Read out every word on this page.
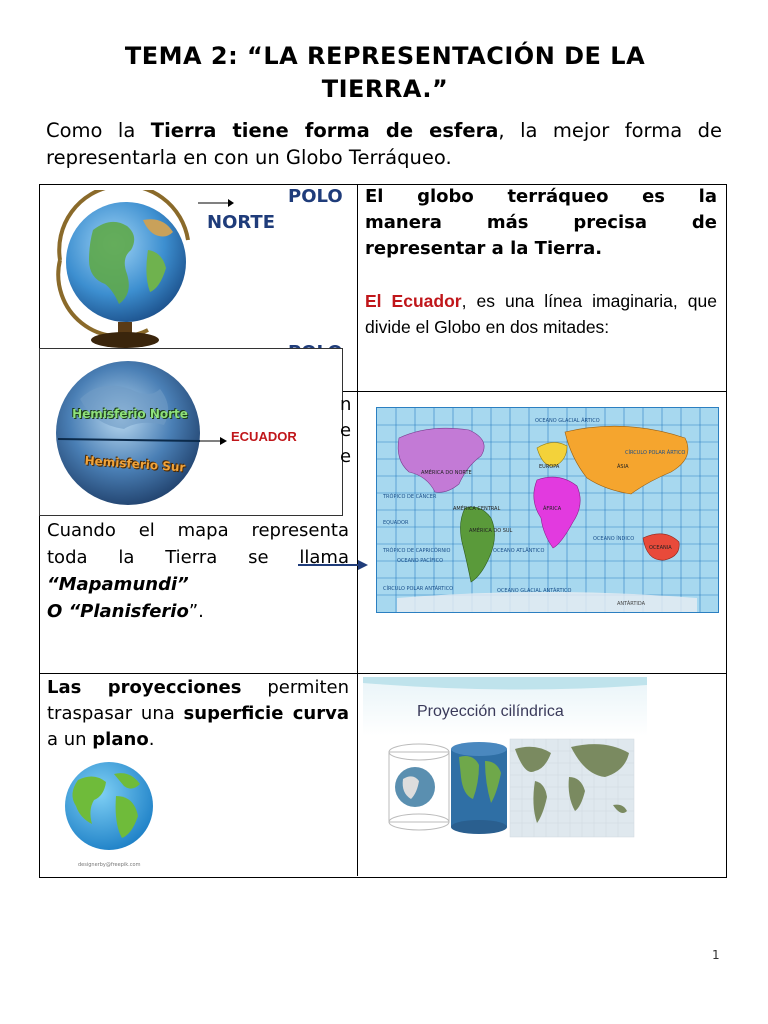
TEMA 2: “LA REPRESENTACIÓN DE LA
TIERRA.”
Como la Tierra tiene forma de esfera, la mejor forma de representarla en con un Globo Terráqueo.
POLO
NORTE
El globo terráqueo es la
manera más precisa de
representar a la Tierra.
El Ecuador, es una línea imaginaria, que divide el Globo en dos mitades:
Hemisferio Norte
Hemisferio Sur
ECUADOR
n
e
e
Cuando el mapa representa
toda la Tierra se llama
“Mapamundi”
O “Planisferio”.
AMÉRICA DO NORTE
EUROPA	ÁSIA
ÁFRICA
AMÉRICA CENTRAL
AMÉRICA DO SUL
OCEANIA
OCEANO GLACIAL ÁRTICO
OCEANO ATLÂNTICO
OCEANO PACÍFICO
OCEANO ÍNDICO
OCEANO GLACIAL ANTÁRTICO
ANTÁRTIDA
CÍRCULO POLAR ÁRTICO
TRÓPICO DE CÂNCER
EQUADOR
TRÓPICO DE CAPRICÓRNIO
CÍRCULO POLAR ANTÁRTICO
Las proyecciones permiten traspasar una superficie curva a un plano.
designerby@freepik.com
Proyección cilíndrica
1
